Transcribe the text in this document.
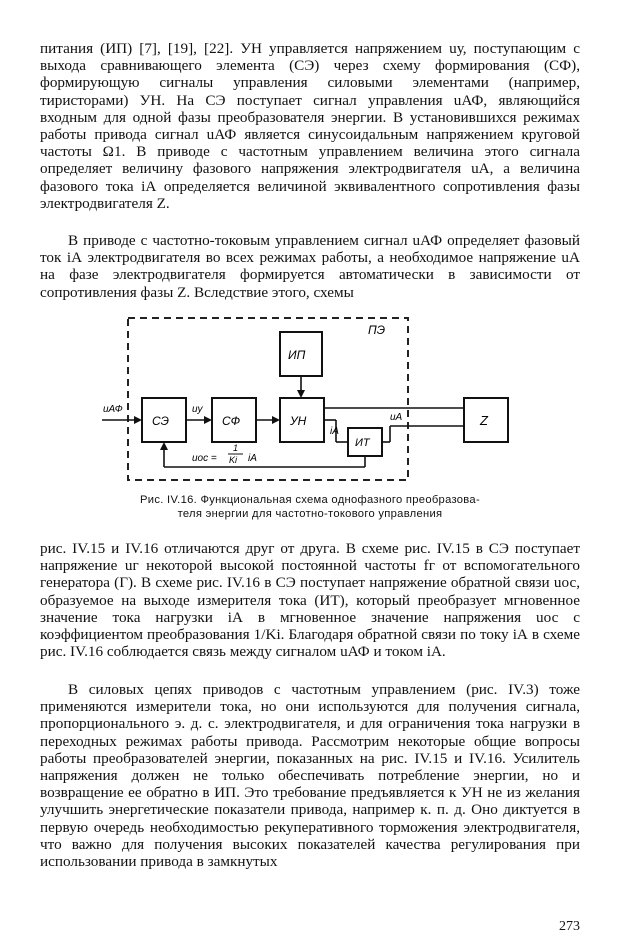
питания (ИП) [7], [19], [22]. УН управляется напряжением uу, поступающим с выхода сравнивающего элемента (СЭ) через схему формирования (СФ), формирующую сигналы управления силовыми элементами (например, тиристорами) УН. На СЭ поступает сигнал управления uАФ, являющийся входным для одной фазы преобразователя энергии. В установившихся режимах работы привода сигнал uАФ является синусоидальным напряжением круговой частоты Ω1. В приводе с частотным управлением величина этого сигнала определяет величину фазового напряжения электродвигателя uА, а величина фазового тока iА определяется величиной эквивалентного сопротивления фазы электродвигателя Z.

В приводе с частотно-токовым управлением сигнал uАФ определяет фазовый ток iА электродвигателя во всех режимах работы, а необходимое напряжение uА на фазе электродвигателя формируется автоматически в зависимости от сопротивления фазы Z. Вследствие этого, схемы

ПЭ
ИП
СЭ	СФ	УН
ИТ
Z
uАФ	uу
iА
uА
uос =
1
Ki iА

Рис. IV.16. Функциональная схема однофазного преобразова-

теля энергии для частотно-токового управления

рис. IV.15 и IV.16 отличаются друг от друга. В схеме рис. IV.15 в СЭ поступает напряжение uг некоторой высокой постоянной частоты fг от вспомогательного генератора (Г). В схеме рис. IV.16 в СЭ поступает напряжение обратной связи uос, образуемое на выходе измерителя тока (ИТ), который преобразует мгновенное значение тока нагрузки iА в мгновенное значение напряжения uос с коэффициентом преобразования 1/Ki. Благодаря обратной связи по току iА в схеме рис. IV.16 соблюдается связь между сигналом uАФ и током iА.

В силовых цепях приводов с частотным управлением (рис. IV.3) тоже применяются измерители тока, но они используются для получения сигнала, пропорционального э. д. с. электродвигателя, и для ограничения тока нагрузки в переходных режимах работы привода. Рассмотрим некоторые общие вопросы работы преобразователей энергии, показанных на рис. IV.15 и IV.16. Усилитель напряжения должен не только обеспечивать потребление энергии, но и возвращение ее обратно в ИП. Это требование предъявляется к УН не из желания улучшить энергетические показатели привода, например к. п. д. Оно диктуется в первую очередь необходимостью рекуперативного торможения электродвигателя, что важно для получения высоких показателей качества регулирования при использовании привода в замкнутых

273
